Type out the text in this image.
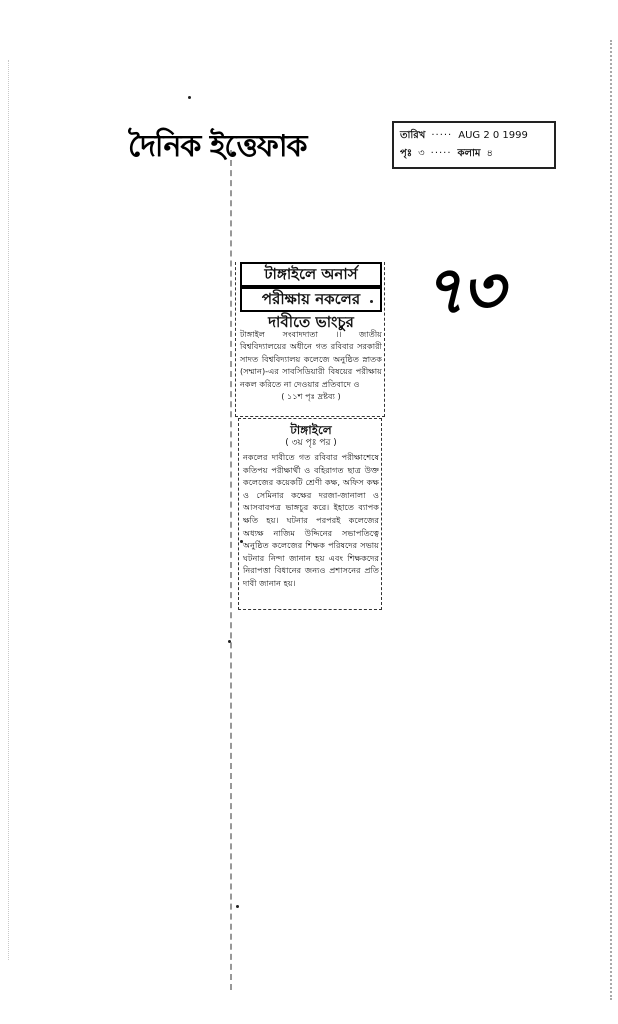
দৈনিক ইত্তেফাক	তারিখ ····· AUG 2 0 1999
পৃঃ ৩ ····· কলাম ৪
৭৩
টাঙ্গাইলে অনার্স
পরীক্ষায় নকলের
দাবীতে ভাংচুর
টাঙ্গাইল সংবাদদাতা ।। জাতীয় বিশ্ববিদ্যালয়ের অধীনে গত রবিবার সরকারী সাদত বিশ্ববিদ্যালয় কলেজে অনুষ্ঠিত স্নাতক (সম্মান)-এর সাবসিডিয়ারী বিষয়ের পরীক্ষায় নকল করিতে না দেওয়ার প্রতিবাদে ও
( ১১শ পৃঃ দ্রষ্টব্য )
টাঙ্গাইলে
( ৩য় পৃঃ পর )
নকলের দাবীতে গত রবিবার পরীক্ষাশেষে কতিপয় পরীক্ষার্থী ও বহিরাগত ছাত্র উক্ত কলেজের কয়েকটি শ্রেণী কক্ষ, অফিস কক্ষ ও সেমিনার কক্ষের দরজা-জানালা ও আসবাবপত্র ভাঙ্গচুর করে। ইহাতে ব্যাপক ক্ষতি হয়। ঘটনার পরপরই কলেজের অধ্যক্ষ নাজিম উদ্দিনের সভাপতিত্বে অনুষ্ঠিত কলেজের শিক্ষক পরিষদের সভায় ঘটনার নিন্দা জানান হয় এবং শিক্ষকদের নিরাপত্তা বিধানের জন্যও প্রশাসনের প্রতি দাবী জানান হয়।
